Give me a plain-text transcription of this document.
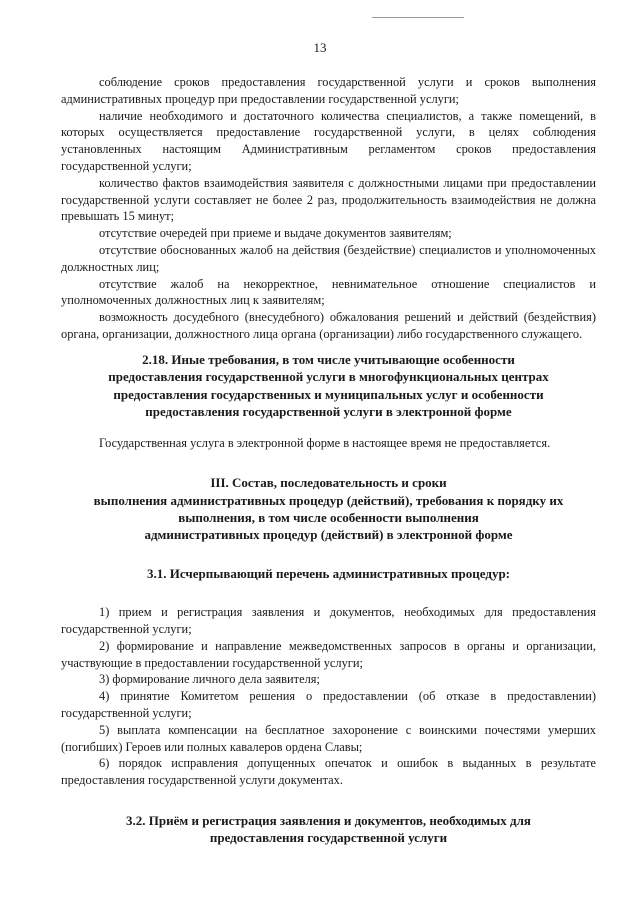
13

соблюдение сроков предоставления государственной услуги и сроков выполнения административных процедур при предоставлении государственной услуги;

наличие необходимого и достаточного количества специалистов, а также помещений, в которых осуществляется предоставление государственной услуги, в целях соблюдения установленных настоящим Административным регламентом сроков предоставления государственной услуги;

количество фактов взаимодействия заявителя с должностными лицами при предоставлении государственной услуги составляет не более 2 раз, продолжительность взаимодействия не должна превышать 15 минут;

отсутствие очередей при приеме и выдаче документов заявителям;

отсутствие обоснованных жалоб на действия (бездействие) специалистов и уполномоченных должностных лиц;

отсутствие жалоб на некорректное, невнимательное отношение специалистов и уполномоченных должностных лиц к заявителям;

возможность досудебного (внесудебного) обжалования решений и действий (бездействия) органа, организации, должностного лица органа (организации) либо государственного служащего.

2.18. Иные требования, в том числе учитывающие особенности
предоставления государственной услуги в многофункциональных центрах
предоставления государственных и муниципальных услуг и особенности
предоставления государственной услуги в электронной форме

Государственная услуга в электронной форме в настоящее время не предоставляется.

III. Состав, последовательность и сроки
выполнения административных процедур (действий), требования к порядку их
выполнения, в том числе особенности выполнения
административных процедур (действий) в электронной форме
3.1. Исчерпывающий перечень административных процедур:

1) прием и регистрация заявления и документов, необходимых для предоставления государственной услуги;

2) формирование и направление межведомственных запросов в органы и организации, участвующие в предоставлении государственной услуги;

3) формирование личного дела заявителя;

4) принятие Комитетом решения о предоставлении (об отказе в предоставлении) государственной услуги;

5) выплата компенсации на бесплатное захоронение с воинскими почестями умерших (погибших) Героев или полных кавалеров ордена Славы;

6) порядок исправления допущенных опечаток и ошибок в выданных в результате предоставления государственной услуги документах.

3.2. Приём и регистрация заявления и документов, необходимых для
предоставления государственной услуги
